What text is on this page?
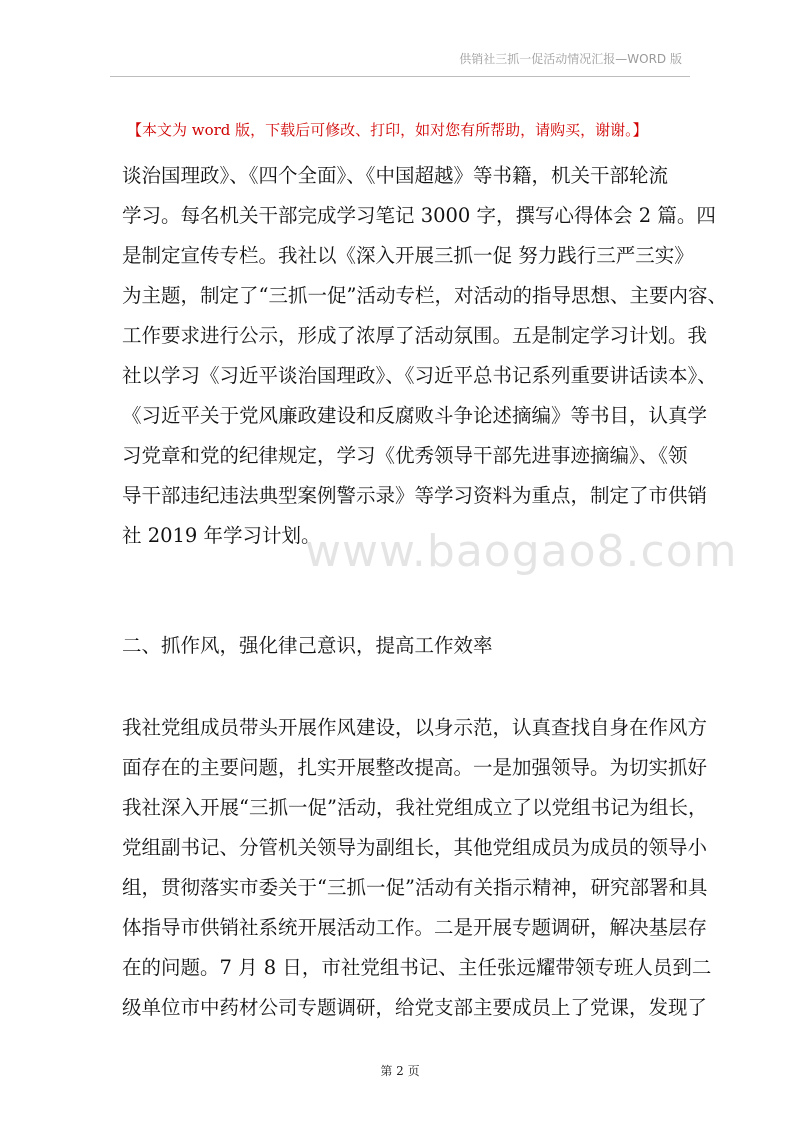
供销社三抓一促活动情况汇报—WORD 版
【本文为 word 版，下载后可修改、打印，如对您有所帮助，请购买，谢谢。】
谈治国理政》、《四个全面》、《中国超越》等书籍，机关干部轮流
学习。每名机关干部完成学习笔记 3000 字，撰写心得体会 2 篇。四
是制定宣传专栏。我社以《深入开展三抓一促 努力践行三严三实》
为主题，制定了“三抓一促”活动专栏，对活动的指导思想、主要内容、
工作要求进行公示，形成了浓厚了活动氛围。五是制定学习计划。我
社以学习《习近平谈治国理政》、《习近平总书记系列重要讲话读本》、
《习近平关于党风廉政建设和反腐败斗争论述摘编》等书目，认真学
习党章和党的纪律规定，学习《优秀领导干部先进事迹摘编》、《领
导干部违纪违法典型案例警示录》等学习资料为重点，制定了市供销
社 2019 年学习计划。
www.baogao8.com
二、抓作风，强化律己意识，提高工作效率
我社党组成员带头开展作风建设，以身示范，认真查找自身在作风方
面存在的主要问题，扎实开展整改提高。一是加强领导。为切实抓好
我社深入开展“三抓一促”活动，我社党组成立了以党组书记为组长，
党组副书记、分管机关领导为副组长，其他党组成员为成员的领导小
组，贯彻落实市委关于“三抓一促”活动有关指示精神，研究部署和具
体指导市供销社系统开展活动工作。二是开展专题调研，解决基层存
在的问题。7 月 8 日，市社党组书记、主任张远耀带领专班人员到二
级单位市中药材公司专题调研，给党支部主要成员上了党课，发现了
第 2 页
